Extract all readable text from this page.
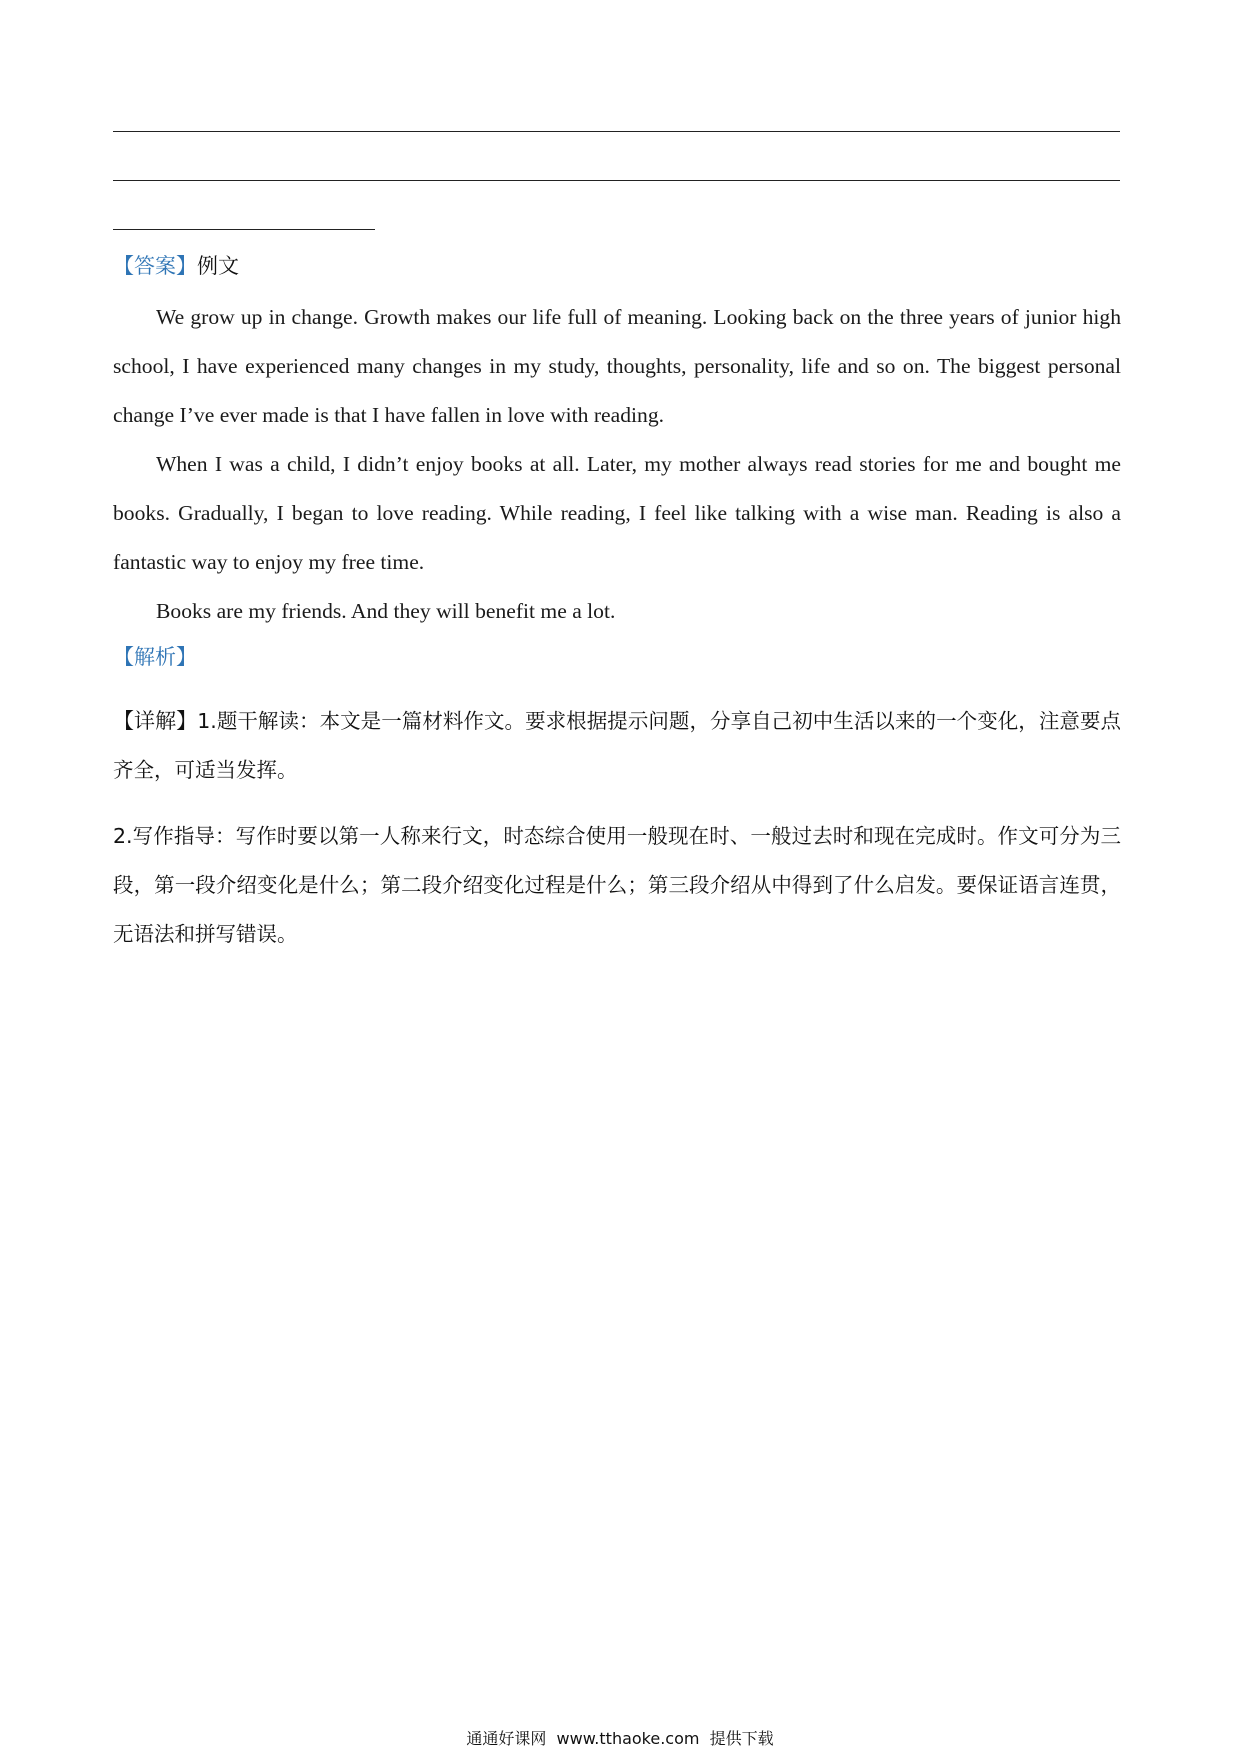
【答案】例文

We grow up in change. Growth makes our life full of meaning. Looking back on the three years of junior high school, I have experienced many changes in my study, thoughts, personality, life and so on. The biggest personal change I’ve ever made is that I have fallen in love with reading.

When I was a child, I didn’t enjoy books at all. Later, my mother always read stories for me and bought me books. Gradually, I began to love reading. While reading, I feel like talking with a wise man. Reading is also a fantastic way to enjoy my free time.

Books are my friends. And they will benefit me a lot.

【解析】

【详解】1.题干解读：本文是一篇材料作文。要求根据提示问题，分享自己初中生活以来的一个变化，注意要点齐全，可适当发挥。

2.写作指导：写作时要以第一人称来行文，时态综合使用一般现在时、一般过去时和现在完成时。作文可分为三段，第一段介绍变化是什么；第二段介绍变化过程是什么；第三段介绍从中得到了什么启发。要保证语言连贯，无语法和拼写错误。

通通好课网  www.tthaoke.com  提供下载
